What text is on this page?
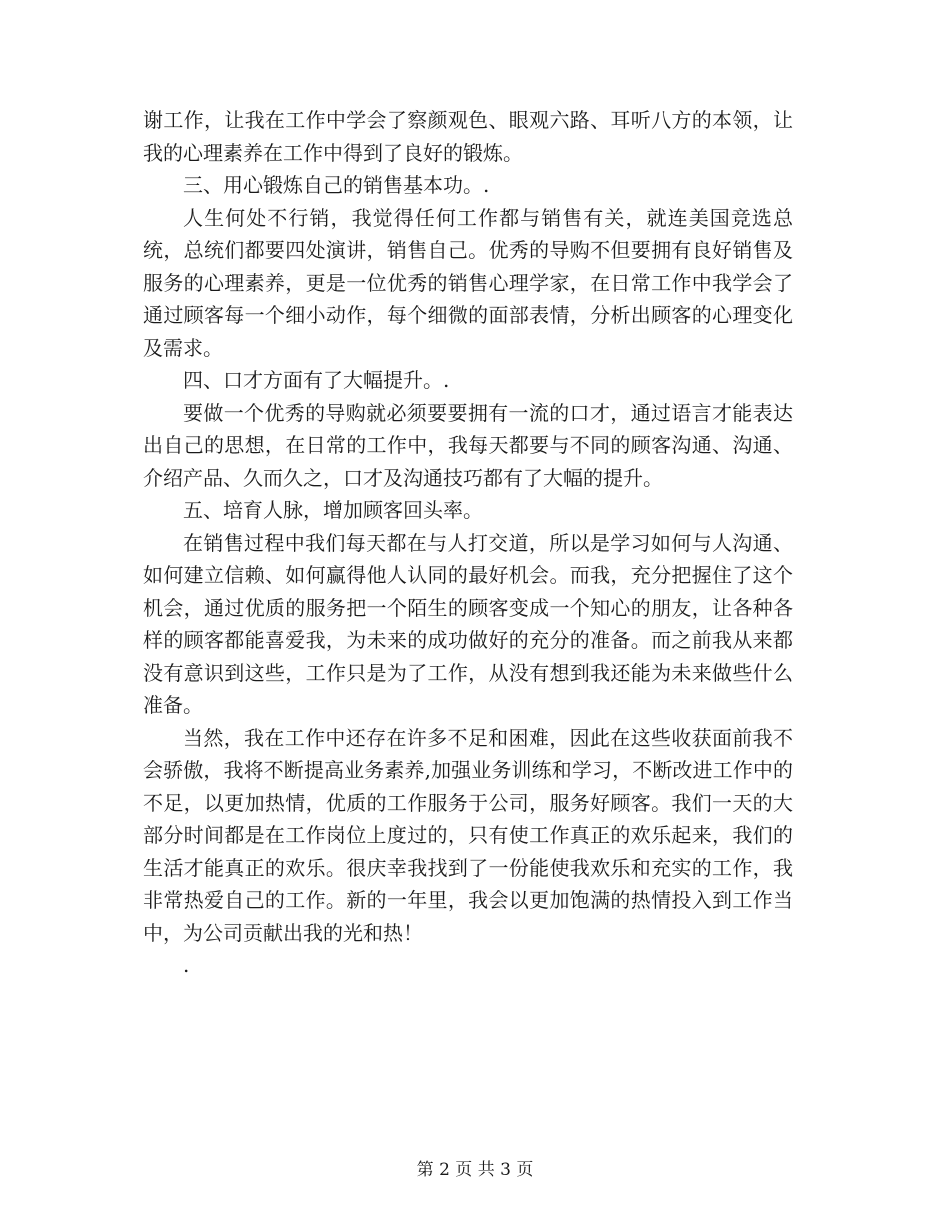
谢工作，让我在工作中学会了察颜观色、眼观六路、耳听八方的本领，让我的心理素养在工作中得到了良好的锻炼。

三、用心锻炼自己的销售基本功。.

人生何处不行销，我觉得任何工作都与销售有关，就连美国竞选总统，总统们都要四处演讲，销售自己。优秀的导购不但要拥有良好销售及服务的心理素养，更是一位优秀的销售心理学家，在日常工作中我学会了通过顾客每一个细小动作，每个细微的面部表情，分析出顾客的心理变化及需求。

四、口才方面有了大幅提升。.

要做一个优秀的导购就必须要要拥有一流的口才，通过语言才能表达出自己的思想，在日常的工作中，我每天都要与不同的顾客沟通、沟通、介绍产品、久而久之，口才及沟通技巧都有了大幅的提升。

五、培育人脉，增加顾客回头率。

在销售过程中我们每天都在与人打交道，所以是学习如何与人沟通、如何建立信赖、如何赢得他人认同的最好机会。而我，充分把握住了这个机会，通过优质的服务把一个陌生的顾客变成一个知心的朋友，让各种各样的顾客都能喜爱我，为未来的成功做好的充分的准备。而之前我从来都没有意识到这些，工作只是为了工作，从没有想到我还能为未来做些什么准备。

当然，我在工作中还存在许多不足和困难，因此在这些收获面前我不会骄傲，我将不断提高业务素养,加强业务训练和学习，不断改进工作中的不足，以更加热情，优质的工作服务于公司，服务好顾客。我们一天的大部分时间都是在工作岗位上度过的，只有使工作真正的欢乐起来，我们的生活才能真正的欢乐。很庆幸我找到了一份能使我欢乐和充实的工作，我非常热爱自己的工作。新的一年里，我会以更加饱满的热情投入到工作当中，为公司贡献出我的光和热！

.

第 2 页 共 3 页
